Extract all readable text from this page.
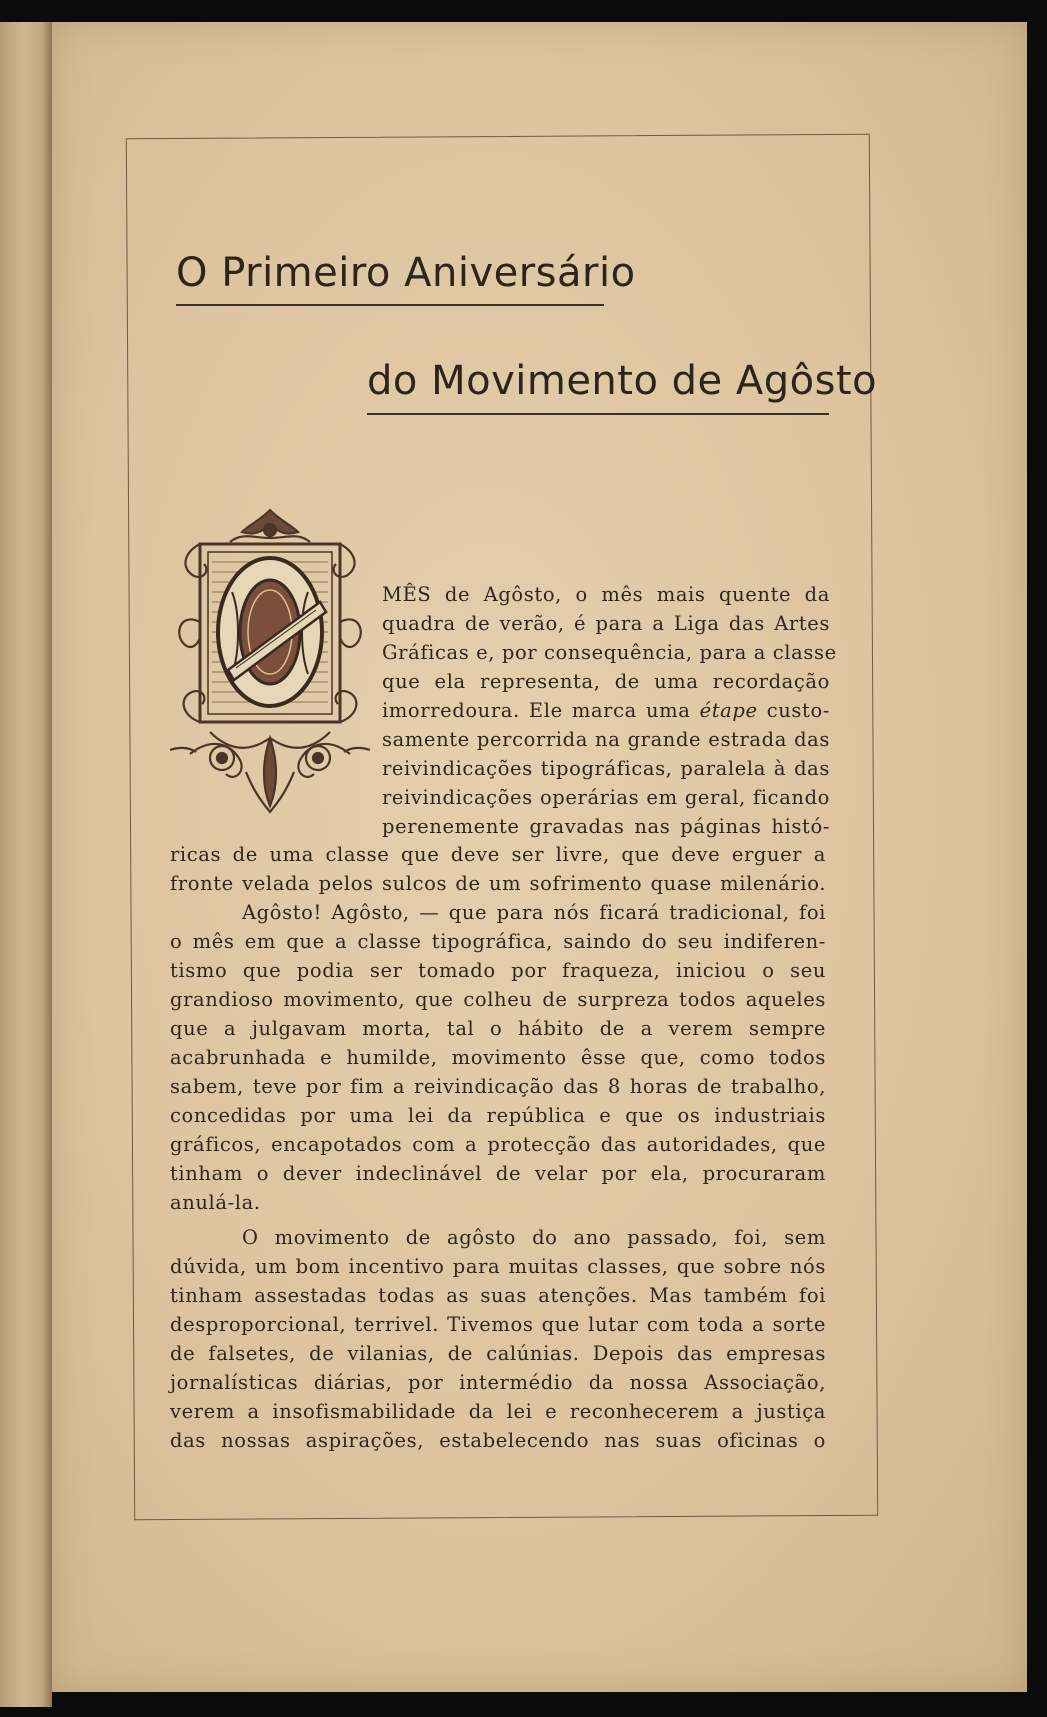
O Primeiro Aniversário
do Movimento de Agôsto
MÊS de Agôsto, o mês mais quente da
quadra de verão, é para a Liga das Artes
Gráficas e, por consequência, para a classe
que ela representa, de uma recordação
imorredoura. Ele marca uma étape custo-
samente percorrida na grande estrada das
reivindicações tipográficas, paralela à das
reivindicações operárias em geral, ficando
perenemente gravadas nas páginas histó-
ricas de uma classe que deve ser livre, que deve erguer a
fronte velada pelos sulcos de um sofrimento quase milenário.
Agôsto! Agôsto, — que para nós ficará tradicional, foi
o mês em que a classe tipográfica, saindo do seu indiferen-
tismo que podia ser tomado por fraqueza, iniciou o seu
grandioso movimento, que colheu de surpreza todos aqueles
que a julgavam morta, tal o hábito de a verem sempre
acabrunhada e humilde, movimento êsse que, como todos
sabem, teve por fim a reivindicação das 8 horas de trabalho,
concedidas por uma lei da república e que os industriais
gráficos, encapotados com a protecção das autoridades, que
tinham o dever indeclinável de velar por ela, procuraram
anulá-la.
O movimento de agôsto do ano passado, foi, sem
dúvida, um bom incentivo para muitas classes, que sobre nós
tinham assestadas todas as suas atenções. Mas também foi
desproporcional, terrivel. Tivemos que lutar com toda a sorte
de falsetes, de vilanias, de calúnias. Depois das empresas
jornalísticas diárias, por intermédio da nossa Associação,
verem a insofismabilidade da lei e reconhecerem a justiça
das nossas aspirações, estabelecendo nas suas oficinas o
